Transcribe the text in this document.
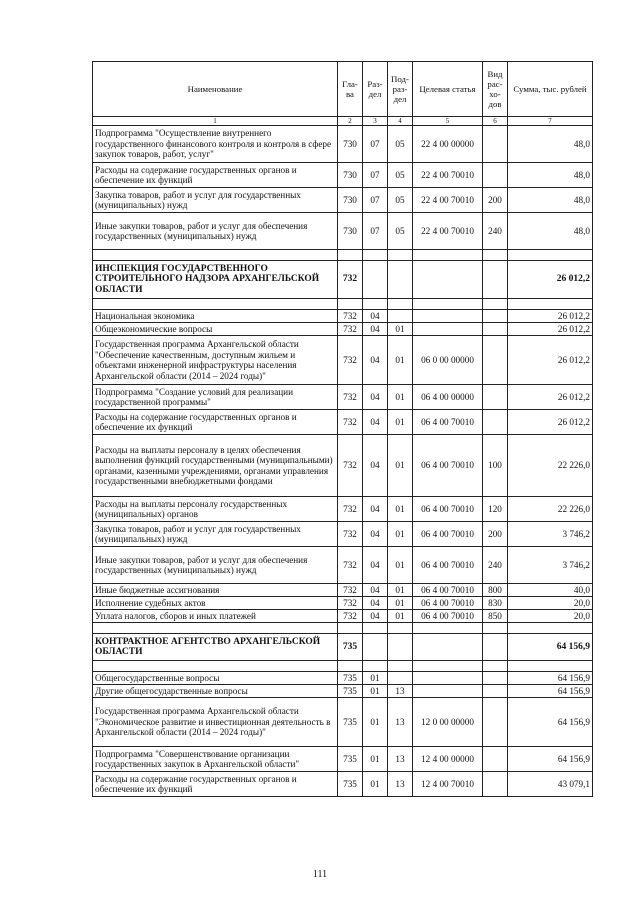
Наименование	Гла-ва	Раз-дел	Под-раз-дел	Целевая статья	Вид рас-хо-дов	Сумма, тыс. рублей
1	2	3	4	5	6	7
Подпрограмма "Осуществление внутреннего государственного финансового контроля и контроля в сфере закупок товаров, работ, услуг"	730	07	05	22 4 00 00000		48,0
Расходы на содержание государственных органов и обеспечение их функций	730	07	05	22 4 00 70010		48,0
Закупка товаров, работ и услуг для государственных (муниципальных) нужд	730	07	05	22 4 00 70010	200	48,0
Иные закупки товаров, работ и услуг для обеспечения государственных (муниципальных) нужд	730	07	05	22 4 00 70010	240	48,0

ИНСПЕКЦИЯ ГОСУДАРСТВЕННОГО СТРОИТЕЛЬНОГО НАДЗОРА АРХАНГЕЛЬСКОЙ ОБЛАСТИ	732					26 012,2

Национальная экономика	732	04				26 012,2
Общеэкономические вопросы	732	04	01			26 012,2
Государственная программа Архангельской области "Обеспечение качественным, доступным жильем и объектами инженерной инфраструктуры населения Архангельской области (2014 – 2024 годы)"	732	04	01	06 0 00 00000		26 012,2
Подпрограмма "Создание условий для реализации государственной программы"	732	04	01	06 4 00 00000		26 012,2
Расходы на содержание государственных органов и обеспечение их функций	732	04	01	06 4 00 70010		26 012,2
Расходы на выплаты персоналу в целях обеспечения выполнения функций государственными (муниципальными) органами, казенными учреждениями, органами управления государственными внебюджетными фондами	732	04	01	06 4 00 70010	100	22 226,0
Расходы на выплаты персоналу государственных (муниципальных) органов	732	04	01	06 4 00 70010	120	22 226,0
Закупка товаров, работ и услуг для государственных (муниципальных) нужд	732	04	01	06 4 00 70010	200	3 746,2
Иные закупки товаров, работ и услуг для обеспечения государственных (муниципальных) нужд	732	04	01	06 4 00 70010	240	3 746,2
Иные бюджетные ассигнования	732	04	01	06 4 00 70010	800	40,0
Исполнение судебных актов	732	04	01	06 4 00 70010	830	20,0
Уплата налогов, сборов и иных платежей	732	04	01	06 4 00 70010	850	20,0

КОНТРАКТНОЕ АГЕНТСТВО АРХАНГЕЛЬСКОЙ ОБЛАСТИ	735					64 156,9

Общегосударственные вопросы	735	01				64 156,9
Другие общегосударственные вопросы	735	01	13			64 156,9
Государственная программа Архангельской области "Экономическое развитие и инвестиционная деятельность в Архангельской области (2014 – 2024 годы)"	735	01	13	12 0 00 00000		64 156,9
Подпрограмма "Совершенствование организации государственных закупок в Архангельской области"	735	01	13	12 4 00 00000		64 156,9
Расходы на содержание государственных органов и обеспечение их функций	735	01	13	12 4 00 70010		43 079,1
111
